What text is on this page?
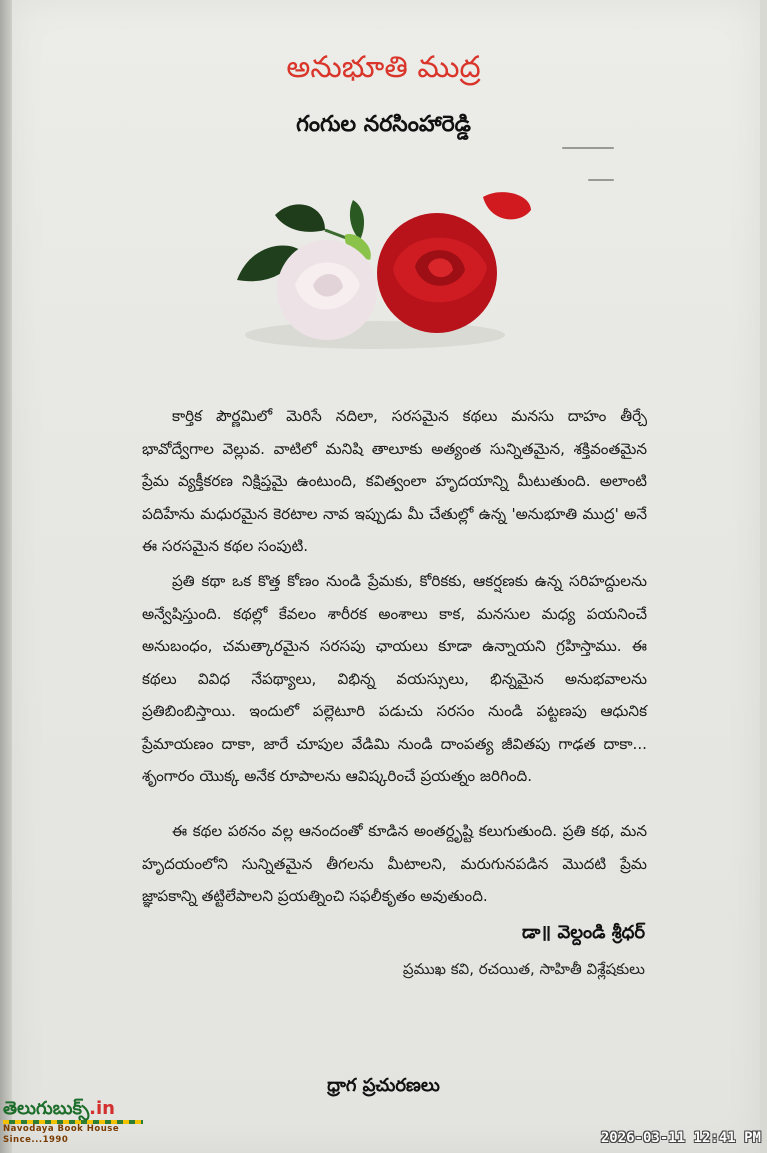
అనుభూతి ముద్ర
గంగుల నరసింహారెడ్డి
కార్తిక పౌర్ణమిలో మెరిసే నదిలా, సరసమైన కథలు మనసు దాహం తీర్చే భావోద్వేగాల వెల్లువ. వాటిలో మనిషి తాలూకు అత్యంత సున్నితమైన, శక్తివంతమైన ప్రేమ వ్యక్తీకరణ నిక్షిప్తమై ఉంటుంది, కవిత్వంలా హృదయాన్ని మీటుతుంది. అలాంటి పదిహేను మధురమైన కెరటాల నావ ఇప్పుడు మీ చేతుల్లో ఉన్న 'అనుభూతి ముద్ర' అనే ఈ సరసమైన కథల సంపుటి.
ప్రతి కథా ఒక కొత్త కోణం నుండి ప్రేమకు, కోరికకు, ఆకర్షణకు ఉన్న సరిహద్దులను అన్వేషిస్తుంది. కథల్లో కేవలం శారీరక అంశాలు కాక, మనసుల మధ్య పయనించే అనుబంధం, చమత్కారమైన సరసపు ఛాయలు కూడా ఉన్నాయని గ్రహిస్తాము. ఈ కథలు వివిధ నేపథ్యాలు, విభిన్న వయస్సులు, భిన్నమైన అనుభవాలను ప్రతిబింబిస్తాయి. ఇందులో పల్లెటూరి పడుచు సరసం నుండి పట్టణపు ఆధునిక ప్రేమాయణం దాకా, జారే చూపుల వేడిమి నుండి దాంపత్య జీవితపు గాఢత దాకా... శృంగారం యొక్క అనేక రూపాలను ఆవిష్కరించే ప్రయత్నం జరిగింది.
ఈ కథల పఠనం వల్ల ఆనందంతో కూడిన అంతర్దృష్టి కలుగుతుంది. ప్రతి కథ, మన హృదయంలోని సున్నితమైన తీగలను మీటాలని, మరుగునపడిన మొదటి ప్రేమ జ్ఞాపకాన్ని తట్టిలేపాలని ప్రయత్నించి సఫలీకృతం అవుతుంది.
డా॥ వెల్దండి శ్రీధర్
ప్రముఖ కవి, రచయిత, సాహితీ విశ్లేషకులు
ధ్రాగ ప్రచురణలు
తెలుగుబుక్స్.in
Navodaya Book House
Since...1990	2026-03-11 12:41 PM
